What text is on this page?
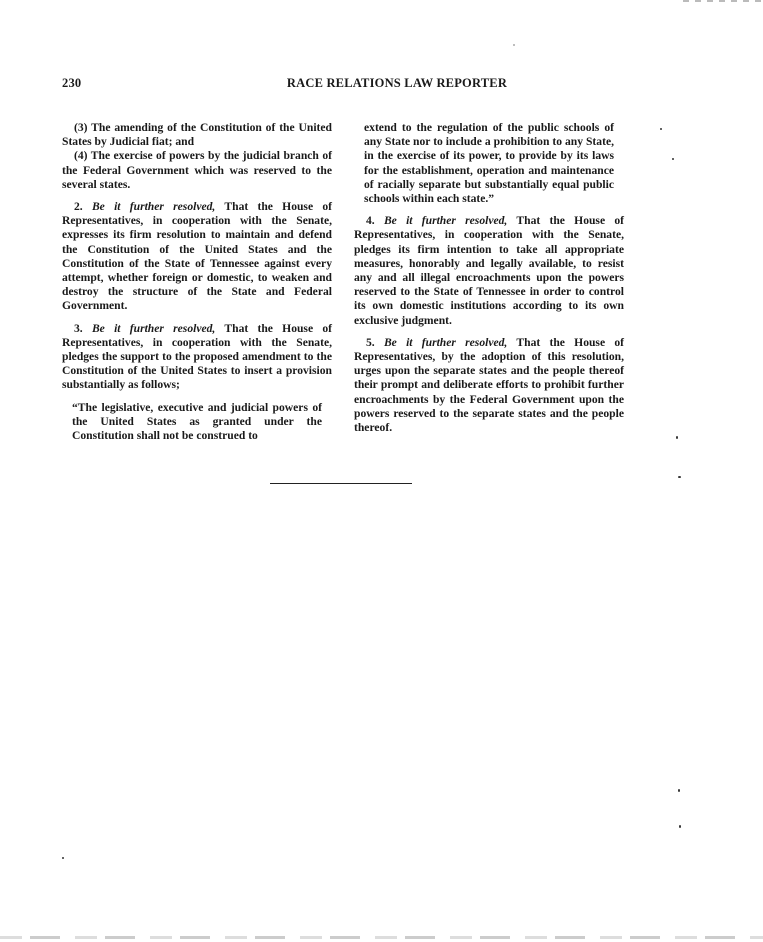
230	RACE RELATIONS LAW REPORTER

(3) The amending of the Constitution of the United States by Judicial fiat; and

(4) The exercise of powers by the judicial branch of the Federal Government which was reserved to the several states.

2. Be it further resolved, That the House of Representatives, in cooperation with the Senate, expresses its firm resolution to maintain and defend the Constitution of the United States and the Constitution of the State of Tennessee against every attempt, whether foreign or domestic, to weaken and destroy the structure of the State and Federal Government.

3. Be it further resolved, That the House of Representatives, in cooperation with the Senate, pledges the support to the proposed amendment to the Constitution of the United States to insert a provision substantially as follows;

“The legislative, executive and judicial powers of the United States as granted under the Constitution shall not be construed to

extend to the regulation of the public schools of any State nor to include a prohibition to any State, in the exercise of its power, to provide by its laws for the establishment, operation and maintenance of racially separate but substantially equal public schools within each state.”

4. Be it further resolved, That the House of Representatives, in cooperation with the Senate, pledges its firm intention to take all appropriate measures, honorably and legally available, to resist any and all illegal encroachments upon the powers reserved to the State of Tennessee in order to control its own domestic institutions according to its own exclusive judgment.

5. Be it further resolved, That the House of Representatives, by the adoption of this resolution, urges upon the separate states and the people thereof their prompt and deliberate efforts to prohibit further encroachments by the Federal Government upon the powers reserved to the separate states and the people thereof.
